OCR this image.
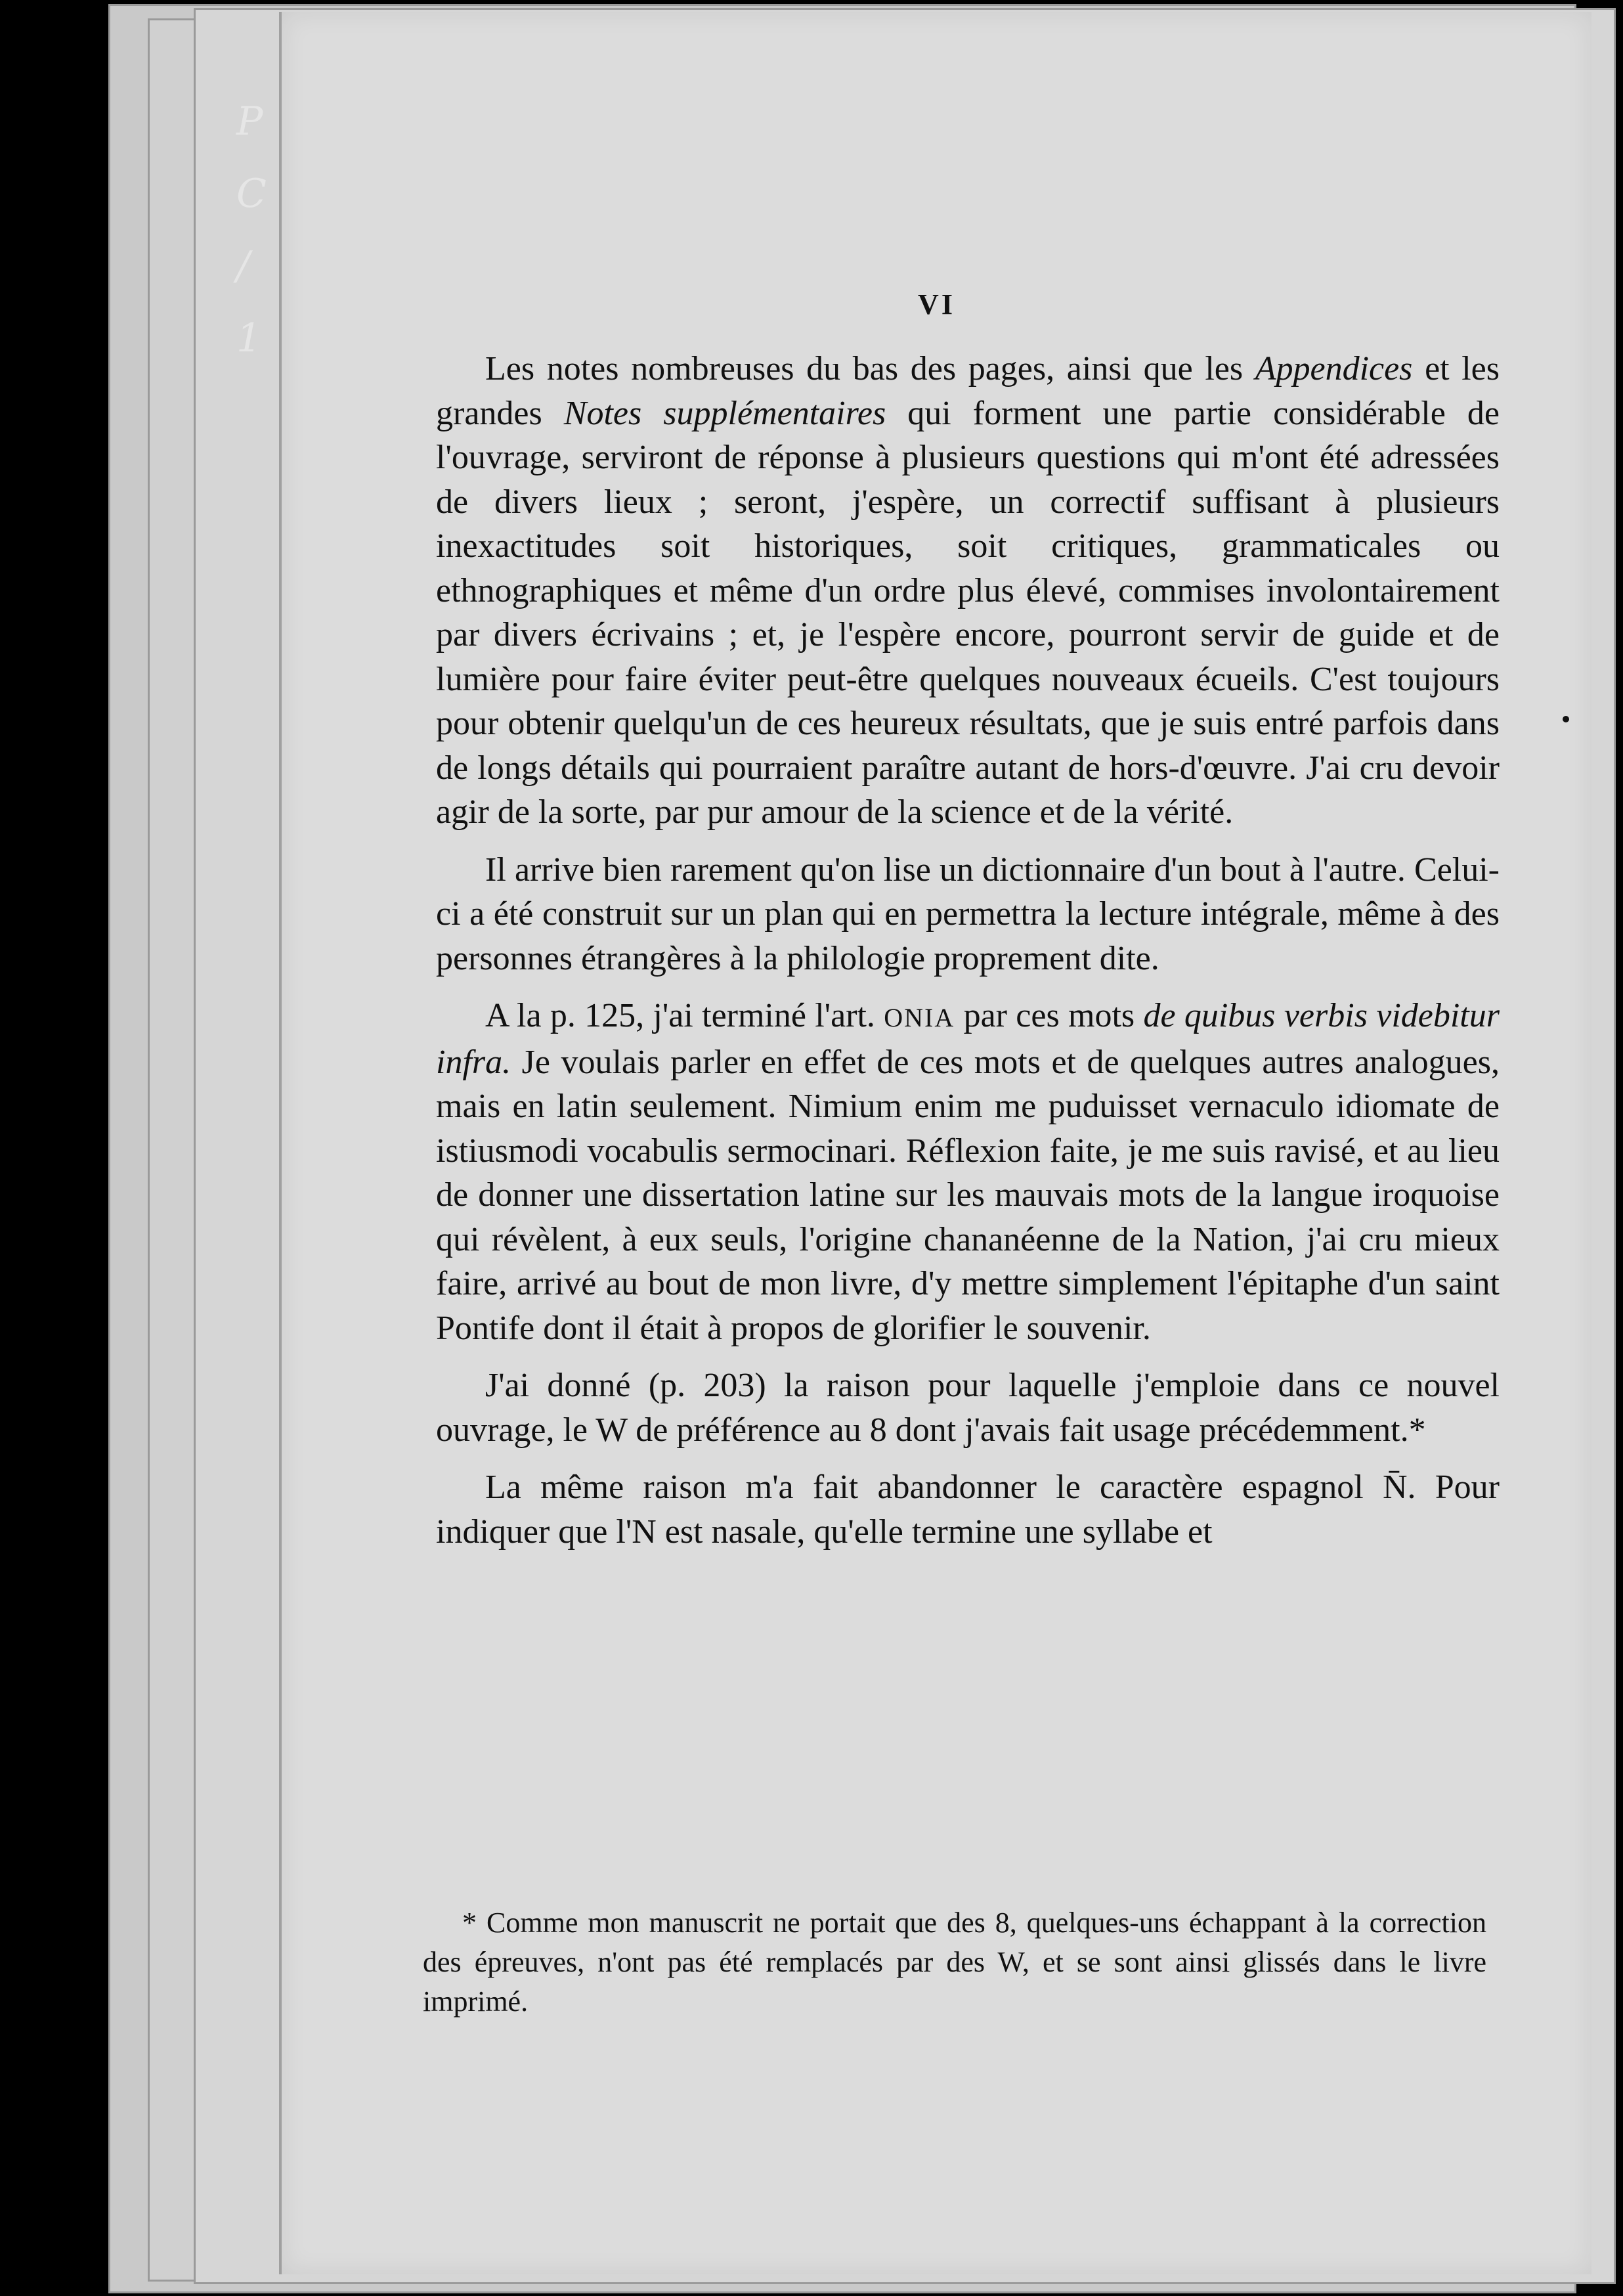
P
C
/
1
VI

Les notes nombreuses du bas des pages, ainsi que les Appendices et les grandes Notes supplémentaires qui forment une partie considérable de l'ouvrage, serviront de réponse à plusieurs questions qui m'ont été adressées de divers lieux ; seront, j'espère, un correctif suffisant à plusieurs inexactitudes soit historiques, soit critiques, grammaticales ou ethnographiques et même d'un ordre plus élevé, commises involontairement par divers écrivains ; et, je l'espère encore, pourront servir de guide et de lumière pour faire éviter peut-être quelques nouveaux écueils. C'est toujours pour obtenir quelqu'un de ces heureux résultats, que je suis entré parfois dans de longs détails qui pourraient paraître autant de hors-d'œuvre. J'ai cru devoir agir de la sorte, par pur amour de la science et de la vérité.

Il arrive bien rarement qu'on lise un dictionnaire d'un bout à l'autre. Celui-ci a été construit sur un plan qui en permettra la lecture intégrale, même à des personnes étrangères à la philologie proprement dite.

A la p. 125, j'ai terminé l'art. ONIA par ces mots de quibus verbis videbitur infra. Je voulais parler en effet de ces mots et de quelques autres analogues, mais en latin seulement. Nimium enim me puduisset vernaculo idiomate de istiusmodi vocabulis sermocinari. Réflexion faite, je me suis ravisé, et au lieu de donner une dissertation latine sur les mauvais mots de la langue iroquoise qui révèlent, à eux seuls, l'origine chananéenne de la Nation, j'ai cru mieux faire, arrivé au bout de mon livre, d'y mettre simplement l'épitaphe d'un saint Pontife dont il était à propos de glorifier le souvenir.

J'ai donné (p. 203) la raison pour laquelle j'emploie dans ce nouvel ouvrage, le W de préférence au 8 dont j'avais fait usage précédemment.*

La même raison m'a fait abandonner le caractère espagnol N̄. Pour indiquer que l'N est nasale, qu'elle termine une syllabe et

* Comme mon manuscrit ne portait que des 8, quelques-uns échappant à la correction des épreuves, n'ont pas été remplacés par des W, et se sont ainsi glissés dans le livre imprimé.
